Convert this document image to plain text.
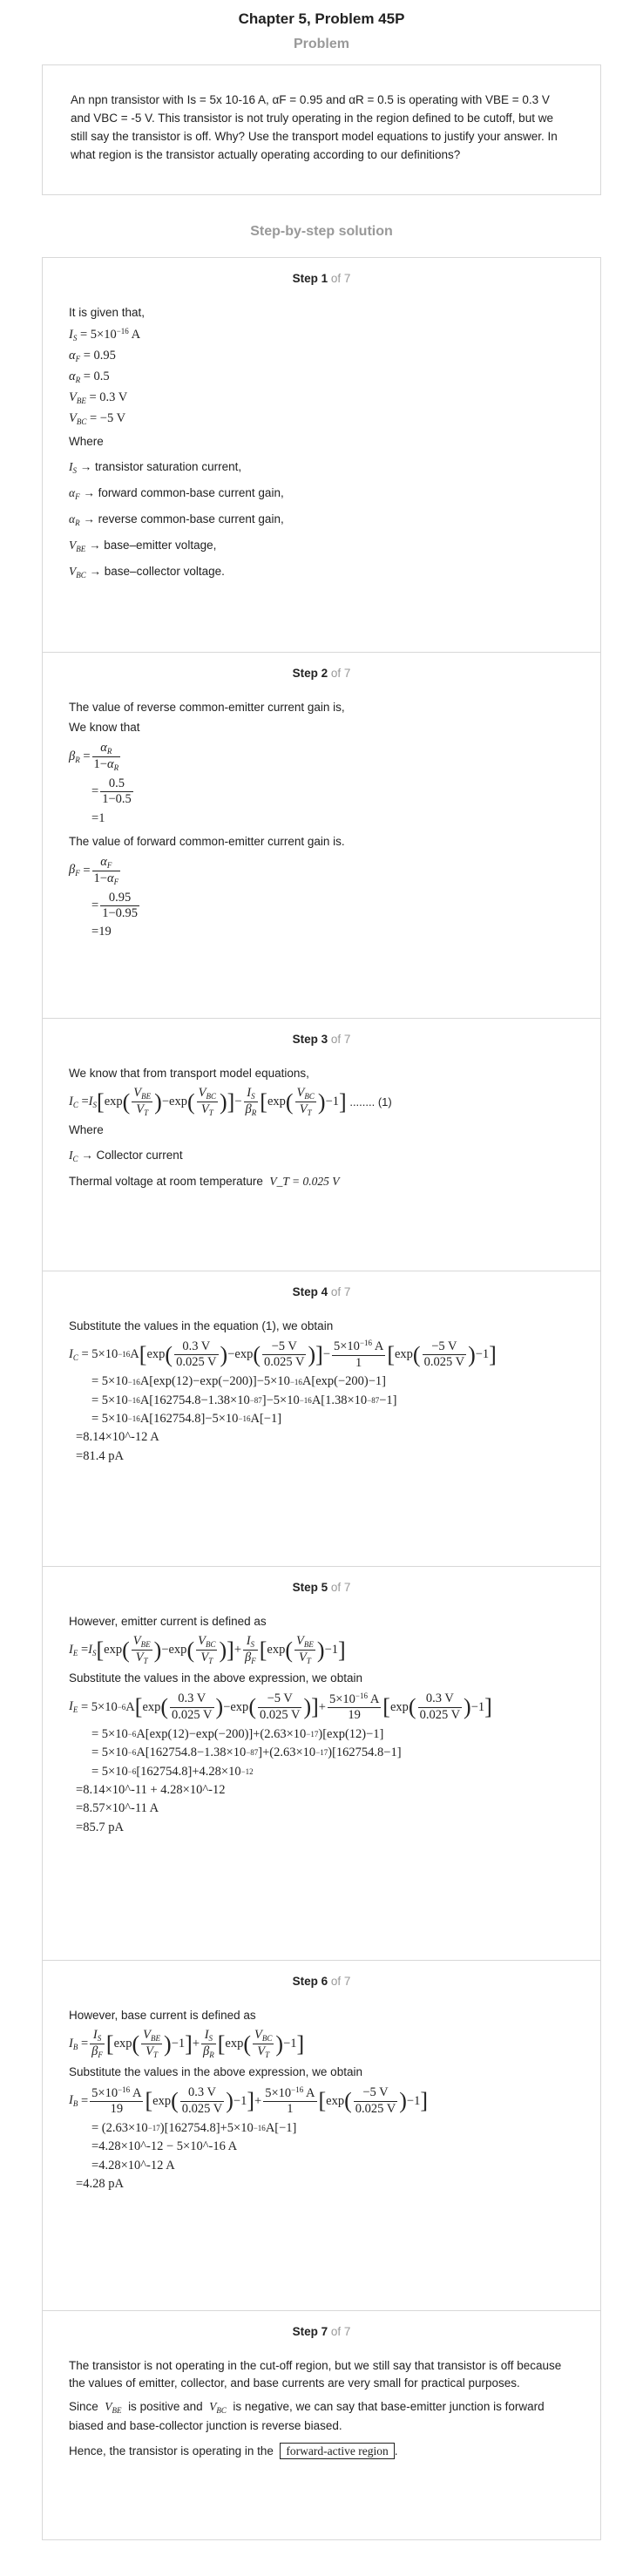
Chapter 5, Problem 45P
Problem
An npn transistor with Is = 5x 10-16 A, αF = 0.95 and αR = 0.5 is operating with VBE = 0.3 V and VBC = -5 V. This transistor is not truly operating in the region defined to be cutoff, but we still say the transistor is off. Why? Use the transport model equations to justify your answer. In what region is the transistor actually operating according to our definitions?
Step-by-step solution
Step 1 of 7
It is given that,
$I_S = 5\times 10^{-16}$ A
$\alpha_F = 0.95$
$\alpha_R = 0.5$
$V_{BE} = 0.3$ V
$V_{BC} = -5$ V
Where
$I_S$ → transistor saturation current,
$\alpha_F$ → forward common-base current gain,
$\alpha_R$ → reverse common-base current gain,
$V_{BE}$ → base–emitter voltage,
$V_{BC}$ → base–collector voltage.
Step 2 of 7
The value of reverse common-emitter current gain is,
We know that
$\beta_R$ =
$\alpha_R$
$1-\alpha_R$
=
0.5
1−0.5
= 1
The value of forward common-emitter current gain is.
$\beta_F$ =
$\alpha_F$
$1-\alpha_F$
=
0.95
1−0.95
= 19
Step 3 of 7
We know that from transport model equations,
$I_C = I_S$ [ exp ( $V_{BE}$
$V_T$ ) −exp ( $V_{BC}$
$V_T$ ) ] −
$I_S$
$\beta_R$ [ exp ( $V_{BC}$
$V_T$ ) −1 ]
........ (1)
Where
$I_C$ → Collector current
Thermal voltage at room temperature V_T = 0.025 V
Step 4 of 7
Substitute the values in the equation (1), we obtain
$I_C = 5\times 10 -16$ A [ exp ( 0.3 V
0.025 V ) −exp ( −5 V
0.025 V ) ] −
$5\times 10^{-16}$ A
1	[ exp ( −5 V
0.025 V ) −1 ]
= 5×10 −16 A[exp(12)−exp(−200)]−5×10 −16 A[exp(−200)−1]
= 5×10 −16 A[162754.8−1.38×10 −87 ]−5×10 −16 A[1.38×10 −87 −1]
= 5×10 −16 A[162754.8]−5×10 −16 A[−1]
= 8.14×10^-12 A
= 81.4 pA
Step 5 of 7
However, emitter current is defined as
$I_E = I_S$ [ exp ( $V_{BE}$
$V_T$ ) −exp ( $V_{BC}$
$V_T$ ) ] +
$I_S$
$\beta_F$ [ exp ( $V_{BE}$
$V_T$ ) −1 ]
Substitute the values in the above expression, we obtain
$I_E = 5\times 10 -6$ A [ exp ( 0.3 V
0.025 V ) −exp ( −5 V
0.025 V ) ] +
$5\times 10^{-16}$ A
19 [ exp ( 0.3 V
0.025 V ) −1 ]
= 5×10 −6 A[exp(12)−exp(−200)]+(2.63×10 −17 )[exp(12)−1]
= 5×10 −6 A[162754.8−1.38×10 −87 ]+(2.63×10 −17 )[162754.8−1]
= 5×10 −6 [162754.8]+4.28×10 −12
= 8.14×10^-11 + 4.28×10^-12
= 8.57×10^-11 A
= 85.7 pA
Step 6 of 7
However, base current is defined as
$I_B$ =
$I_S$
$\beta_F$ [ exp ( $V_{BE}$
$V_T$ ) −1 ] +
$I_S$
$\beta_R$ [ exp ( $V_{BC}$
$V_T$ ) −1 ]
Substitute the values in the above expression, we obtain
$I_B$ =
$5\times 10^{-16}$ A
19 [ exp ( 0.3 V
0.025 V ) −1 ] +
$5\times 10^{-16}$ A
1	[ exp ( −5 V
0.025 V ) −1 ]
= (2.63×10 −17 )[162754.8]+5×10 −16 A[−1]
= 4.28×10^-12 − 5×10^-16 A
= 4.28×10^-12 A
= 4.28 pA
Step 7 of 7
The transistor is not operating in the cut-off region, but we still say that transistor is off because the values of emitter, collector, and base currents are very small for practical purposes.
Since $V_{BE}$ is positive and $V_{BC}$ is negative, we can say that base-emitter junction is forward biased and base-collector junction is reverse biased.
Hence, the transistor is operating in the forward-active region .
